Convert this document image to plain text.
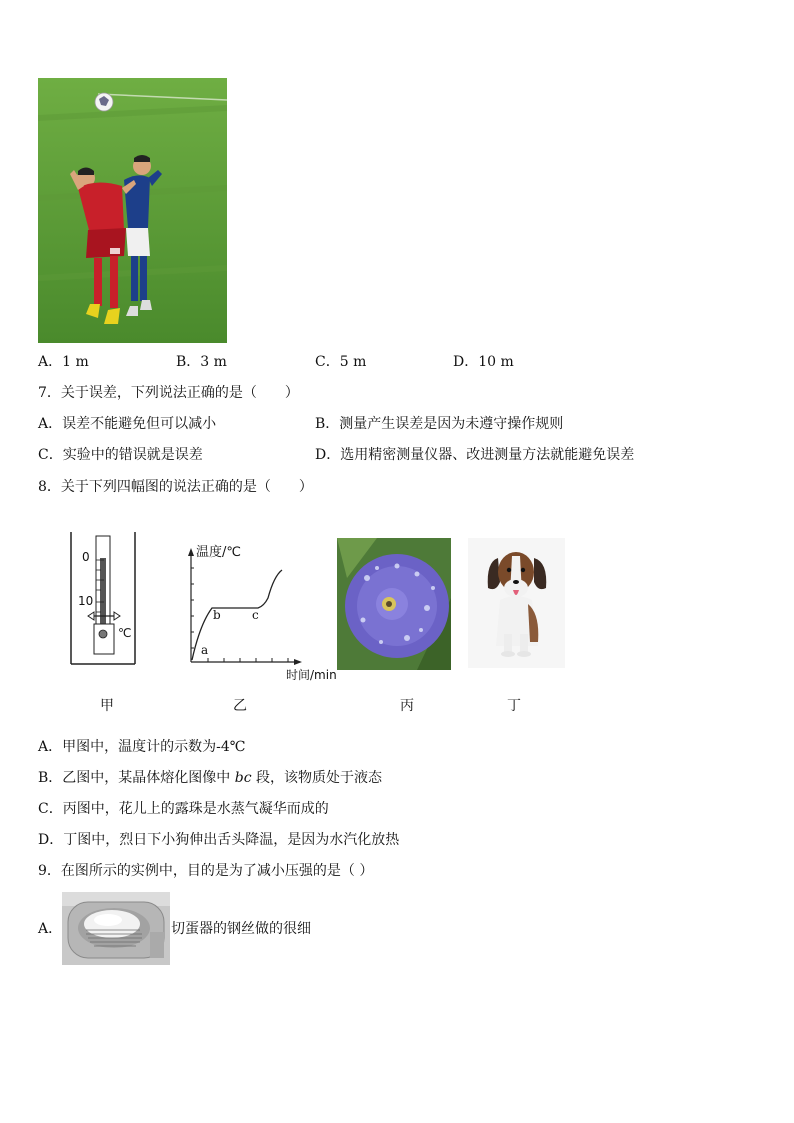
A．1 m	B．3 m	C．5 m	D．10 m
7．关于误差，下列说法正确的是（　　）
A．误差不能避免但可以减小	B．测量产生误差是因为未遵守操作规则
C．实验中的错误就是误差	D．选用精密测量仪器、改进测量方法就能避免误差
8．关于下列四幅图的说法正确的是（　　）
0
10
℃
温度/℃
时间/min
a
b	c
甲	乙	丙	丁
A．甲图中，温度计的示数为-4℃
B．乙图中，某晶体熔化图像中 bc 段，该物质处于液态
C．丙图中，花儿上的露珠是水蒸气凝华而成的
D．丁图中，烈日下小狗伸出舌头降温，是因为水汽化放热
9．在图所示的实例中，目的是为了减小压强的是（ ）
A．	切蛋器的钢丝做的很细
